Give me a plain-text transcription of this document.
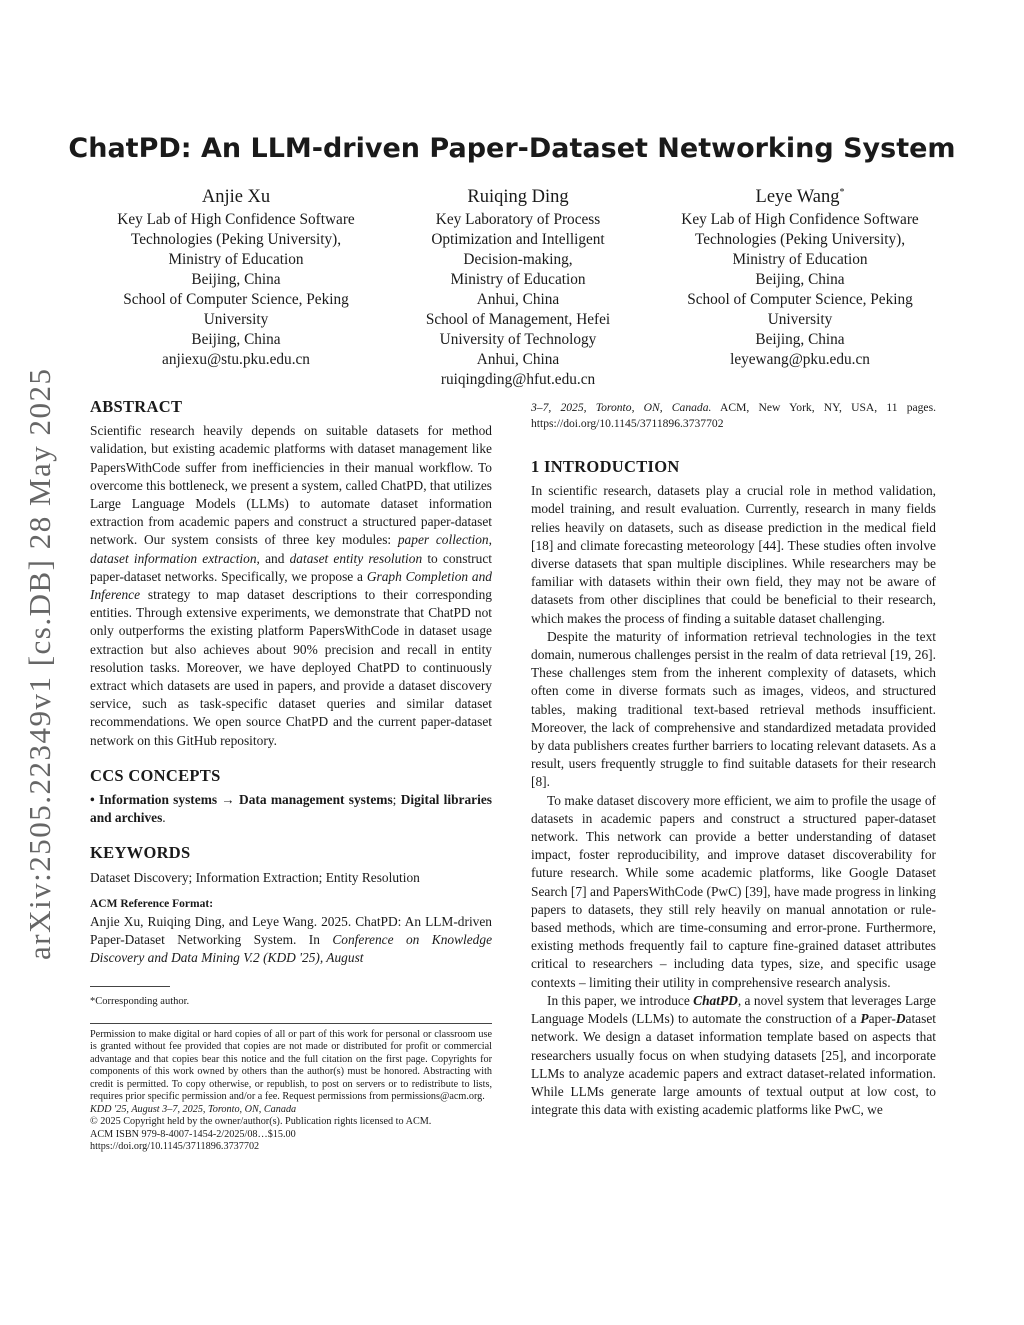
arXiv:2505.22349v1 [cs.DB] 28 May 2025
ChatPD: An LLM-driven Paper-Dataset Networking System
Anjie Xu
Key Lab of High Confidence Software
Technologies (Peking University),
Ministry of Education
Beijing, China
School of Computer Science, Peking
University
Beijing, China
anjiexu@stu.pku.edu.cn
Ruiqing Ding
Key Laboratory of Process
Optimization and Intelligent
Decision-making,
Ministry of Education
Anhui, China
School of Management, Hefei
University of Technology
Anhui, China
ruiqingding@hfut.edu.cn
Leye Wang*
Key Lab of High Confidence Software
Technologies (Peking University),
Ministry of Education
Beijing, China
School of Computer Science, Peking
University
Beijing, China
leyewang@pku.edu.cn
ABSTRACT

Scientific research heavily depends on suitable datasets for method validation, but existing academic platforms with dataset management like PapersWithCode suffer from inefficiencies in their manual workflow. To overcome this bottleneck, we present a system, called ChatPD, that utilizes Large Language Models (LLMs) to automate dataset information extraction from academic papers and construct a structured paper-dataset network. Our system consists of three key modules: paper collection, dataset information extraction, and dataset entity resolution to construct paper-dataset networks. Specifically, we propose a Graph Completion and Inference strategy to map dataset descriptions to their corresponding entities. Through extensive experiments, we demonstrate that ChatPD not only outperforms the existing platform PapersWithCode in dataset usage extraction but also achieves about 90% precision and recall in entity resolution tasks. Moreover, we have deployed ChatPD to continuously extract which datasets are used in papers, and provide a dataset discovery service, such as task-specific dataset queries and similar dataset recommendations. We open source ChatPD and the current paper-dataset network on this GitHub repository.

CCS CONCEPTS

• Information systems → Data management systems; Digital libraries and archives.

KEYWORDS

Dataset Discovery; Information Extraction; Entity Resolution

ACM Reference Format:

Anjie Xu, Ruiqing Ding, and Leye Wang. 2025. ChatPD: An LLM-driven Paper-Dataset Networking System. In Conference on Knowledge Discovery and Data Mining V.2 (KDD '25), August

*Corresponding author.

Permission to make digital or hard copies of all or part of this work for personal or classroom use is granted without fee provided that copies are not made or distributed for profit or commercial advantage and that copies bear this notice and the full citation on the first page. Copyrights for components of this work owned by others than the author(s) must be honored. Abstracting with credit is permitted. To copy otherwise, or republish, to post on servers or to redistribute to lists, requires prior specific permission and/or a fee. Request permissions from permissions@acm.org.

KDD '25, August 3–7, 2025, Toronto, ON, Canada

© 2025 Copyright held by the owner/author(s). Publication rights licensed to ACM.

ACM ISBN 979-8-4007-1454-2/2025/08…$15.00

https://doi.org/10.1145/3711896.3737702

3–7, 2025, Toronto, ON, Canada. ACM, New York, NY, USA, 11 pages. https://doi.org/10.1145/3711896.3737702

1 INTRODUCTION

In scientific research, datasets play a crucial role in method validation, model training, and result evaluation. Currently, research in many fields relies heavily on datasets, such as disease prediction in the medical field [18] and climate forecasting meteorology [44]. These studies often involve diverse datasets that span multiple disciplines. While researchers may be familiar with datasets within their own field, they may not be aware of datasets from other disciplines that could be beneficial to their research, which makes the process of finding a suitable dataset challenging.

Despite the maturity of information retrieval technologies in the text domain, numerous challenges persist in the realm of data retrieval [19, 26]. These challenges stem from the inherent complexity of datasets, which often come in diverse formats such as images, videos, and structured tables, making traditional text-based retrieval methods insufficient. Moreover, the lack of comprehensive and standardized metadata provided by data publishers creates further barriers to locating relevant datasets. As a result, users frequently struggle to find suitable datasets for their research [8].

To make dataset discovery more efficient, we aim to profile the usage of datasets in academic papers and construct a structured paper-dataset network. This network can provide a better understanding of dataset impact, foster reproducibility, and improve dataset discoverability for future research. While some academic platforms, like Google Dataset Search [7] and PapersWithCode (PwC) [39], have made progress in linking papers to datasets, they still rely heavily on manual annotation or rule-based methods, which are time-consuming and error-prone. Furthermore, existing methods frequently fail to capture fine-grained dataset attributes critical to researchers – including data types, size, and specific usage contexts – limiting their utility in comprehensive research analysis.

In this paper, we introduce ChatPD, a novel system that leverages Large Language Models (LLMs) to automate the construction of a Paper-Dataset network. We design a dataset information template based on aspects that researchers usually focus on when studying datasets [25], and incorporate LLMs to analyze academic papers and extract dataset-related information. While LLMs generate large amounts of textual output at low cost, to integrate this data with existing academic platforms like PwC, we
